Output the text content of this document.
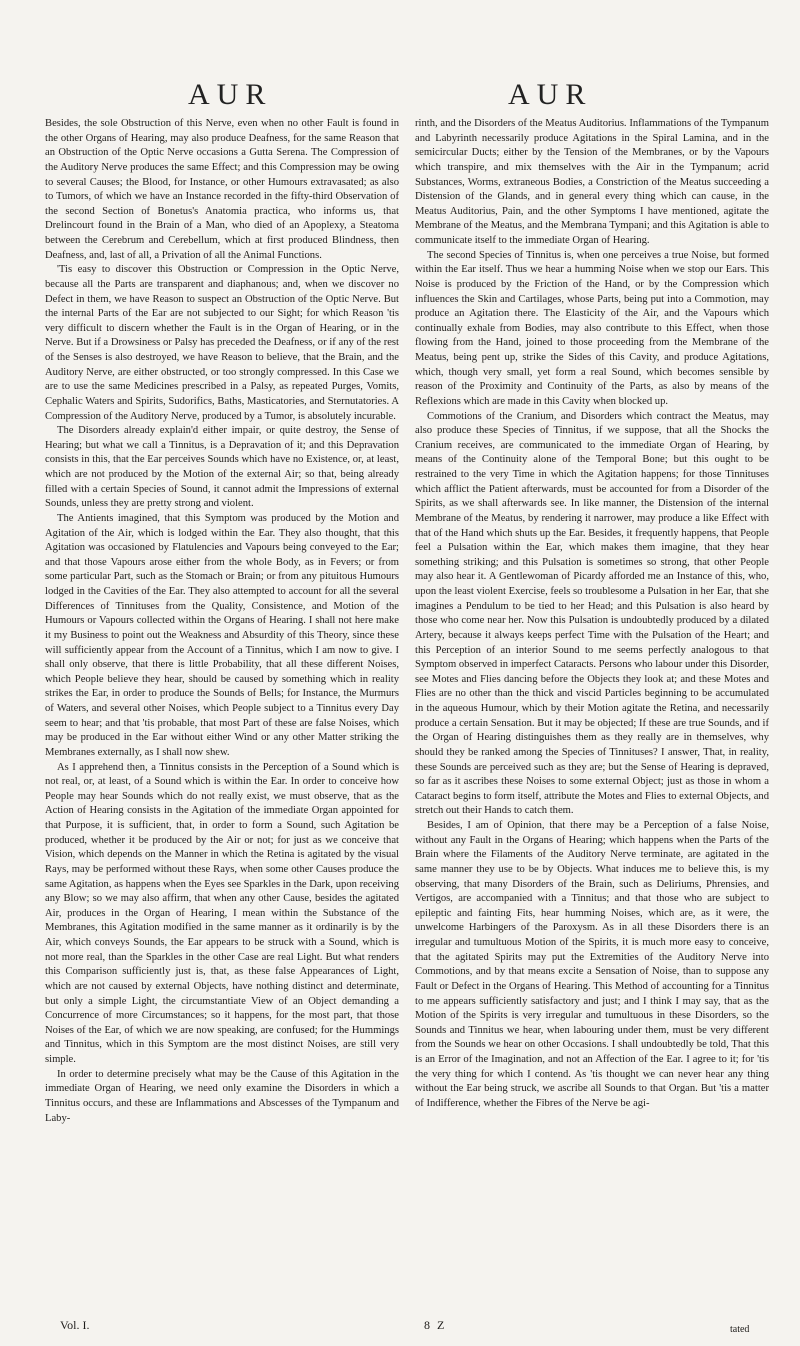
AUR	AUR

Besides, the sole Obstruction of this Nerve, even when no other Fault is found in the other Organs of Hearing, may also produce Deafness, for the same Reason that an Obstruction of the Optic Nerve occasions a Gutta Serena. The Compression of the Auditory Nerve produces the same Effect; and this Compression may be owing to several Causes; the Blood, for Instance, or other Humours extravasated; as also to Tumors, of which we have an Instance recorded in the fifty-third Observation of the second Section of Bonetus's Anatomia practica, who informs us, that Drelincourt found in the Brain of a Man, who died of an Apoplexy, a Steatoma between the Cerebrum and Cerebellum, which at first produced Blindness, then Deafness, and, last of all, a Privation of all the Animal Functions.

'Tis easy to discover this Obstruction or Compression in the Optic Nerve, because all the Parts are transparent and diaphanous; and, when we discover no Defect in them, we have Reason to suspect an Obstruction of the Optic Nerve. But the internal Parts of the Ear are not subjected to our Sight; for which Reason 'tis very difficult to discern whether the Fault is in the Organ of Hearing, or in the Nerve. But if a Drowsiness or Palsy has preceded the Deafness, or if any of the rest of the Senses is also destroyed, we have Reason to believe, that the Brain, and the Auditory Nerve, are either obstructed, or too strongly compressed. In this Case we are to use the same Medicines prescribed in a Palsy, as repeated Purges, Vomits, Cephalic Waters and Spirits, Sudorifics, Baths, Masticatories, and Sternutatories. A Compression of the Auditory Nerve, produced by a Tumor, is absolutely incurable.

The Disorders already explain'd either impair, or quite destroy, the Sense of Hearing; but what we call a Tinnitus, is a Depravation of it; and this Depravation consists in this, that the Ear perceives Sounds which have no Existence, or, at least, which are not produced by the Motion of the external Air; so that, being already filled with a certain Species of Sound, it cannot admit the Impressions of external Sounds, unless they are pretty strong and violent.

The Antients imagined, that this Symptom was produced by the Motion and Agitation of the Air, which is lodged within the Ear. They also thought, that this Agitation was occasioned by Flatulencies and Vapours being conveyed to the Ear; and that those Vapours arose either from the whole Body, as in Fevers; or from some particular Part, such as the Stomach or Brain; or from any pituitous Humours lodged in the Cavities of the Ear. They also attempted to account for all the several Differences of Tinnituses from the Quality, Consistence, and Motion of the Humours or Vapours collected within the Organs of Hearing. I shall not here make it my Business to point out the Weakness and Absurdity of this Theory, since these will sufficiently appear from the Account of a Tinnitus, which I am now to give. I shall only observe, that there is little Probability, that all these different Noises, which People believe they hear, should be caused by something which in reality strikes the Ear, in order to produce the Sounds of Bells; for Instance, the Murmurs of Waters, and several other Noises, which People subject to a Tinnitus every Day seem to hear; and that 'tis probable, that most Part of these are false Noises, which may be produced in the Ear without either Wind or any other Matter striking the Membranes externally, as I shall now shew.

As I apprehend then, a Tinnitus consists in the Perception of a Sound which is not real, or, at least, of a Sound which is within the Ear. In order to conceive how People may hear Sounds which do not really exist, we must observe, that as the Action of Hearing consists in the Agitation of the immediate Organ appointed for that Purpose, it is sufficient, that, in order to form a Sound, such Agitation be produced, whether it be produced by the Air or not; for just as we conceive that Vision, which depends on the Manner in which the Retina is agitated by the visual Rays, may be performed without these Rays, when some other Causes produce the same Agitation, as happens when the Eyes see Sparkles in the Dark, upon receiving any Blow; so we may also affirm, that when any other Cause, besides the agitated Air, produces in the Organ of Hearing, I mean within the Substance of the Membranes, this Agitation modified in the same manner as it ordinarily is by the Air, which conveys Sounds, the Ear appears to be struck with a Sound, which is not more real, than the Sparkles in the other Case are real Light. But what renders this Comparison sufficiently just is, that, as these false Appearances of Light, which are not caused by external Objects, have nothing distinct and determinate, but only a simple Light, the circumstantiate View of an Object demanding a Concurrence of more Circumstances; so it happens, for the most part, that those Noises of the Ear, of which we are now speaking, are confused; for the Hummings and Tinnitus, which in this Symptom are the most distinct Noises, are still very simple.

In order to determine precisely what may be the Cause of this Agitation in the immediate Organ of Hearing, we need only examine the Disorders in which a Tinnitus occurs, and these are Inflammations and Abscesses of the Tympanum and Laby-

rinth, and the Disorders of the Meatus Auditorius. Inflammations of the Tympanum and Labyrinth necessarily produce Agitations in the Spiral Lamina, and in the semicircular Ducts; either by the Tension of the Membranes, or by the Vapours which transpire, and mix themselves with the Air in the Tympanum; acrid Substances, Worms, extraneous Bodies, a Constriction of the Meatus succeeding a Distension of the Glands, and in general every thing which can cause, in the Meatus Auditorius, Pain, and the other Symptoms I have mentioned, agitate the Membrane of the Meatus, and the Membrana Tympani; and this Agitation is able to communicate itself to the immediate Organ of Hearing.

The second Species of Tinnitus is, when one perceives a true Noise, but formed within the Ear itself. Thus we hear a humming Noise when we stop our Ears. This Noise is produced by the Friction of the Hand, or by the Compression which influences the Skin and Cartilages, whose Parts, being put into a Commotion, may produce an Agitation there. The Elasticity of the Air, and the Vapours which continually exhale from Bodies, may also contribute to this Effect, when those flowing from the Hand, joined to those proceeding from the Membrane of the Meatus, being pent up, strike the Sides of this Cavity, and produce Agitations, which, though very small, yet form a real Sound, which becomes sensible by reason of the Proximity and Continuity of the Parts, as also by means of the Reflexions which are made in this Cavity when blocked up.

Commotions of the Cranium, and Disorders which contract the Meatus, may also produce these Species of Tinnitus, if we suppose, that all the Shocks the Cranium receives, are communicated to the immediate Organ of Hearing, by means of the Continuity alone of the Temporal Bone; but this ought to be restrained to the very Time in which the Agitation happens; for those Tinnituses which afflict the Patient afterwards, must be accounted for from a Disorder of the Spirits, as we shall afterwards see. In like manner, the Distension of the internal Membrane of the Meatus, by rendering it narrower, may produce a like Effect with that of the Hand which shuts up the Ear. Besides, it frequently happens, that People feel a Pulsation within the Ear, which makes them imagine, that they hear something striking; and this Pulsation is sometimes so strong, that other People may also hear it. A Gentlewoman of Picardy afforded me an Instance of this, who, upon the least violent Exercise, feels so troublesome a Pulsation in her Ear, that she imagines a Pendulum to be tied to her Head; and this Pulsation is also heard by those who come near her. Now this Pulsation is undoubtedly produced by a dilated Artery, because it always keeps perfect Time with the Pulsation of the Heart; and this Perception of an interior Sound to me seems perfectly analogous to that Symptom observed in imperfect Cataracts. Persons who labour under this Disorder, see Motes and Flies dancing before the Objects they look at; and these Motes and Flies are no other than the thick and viscid Particles beginning to be accumulated in the aqueous Humour, which by their Motion agitate the Retina, and necessarily produce a certain Sensation. But it may be objected; If these are true Sounds, and if the Organ of Hearing distinguishes them as they really are in themselves, why should they be ranked among the Species of Tinnituses? I answer, That, in reality, these Sounds are perceived such as they are; but the Sense of Hearing is depraved, so far as it ascribes these Noises to some external Object; just as those in whom a Cataract begins to form itself, attribute the Motes and Flies to external Objects, and stretch out their Hands to catch them.

Besides, I am of Opinion, that there may be a Perception of a false Noise, without any Fault in the Organs of Hearing; which happens when the Parts of the Brain where the Filaments of the Auditory Nerve terminate, are agitated in the same manner they use to be by Objects. What induces me to believe this, is my observing, that many Disorders of the Brain, such as Deliriums, Phrensies, and Vertigos, are accompanied with a Tinnitus; and that those who are subject to epileptic and fainting Fits, hear humming Noises, which are, as it were, the unwelcome Harbingers of the Paroxysm. As in all these Disorders there is an irregular and tumultuous Motion of the Spirits, it is much more easy to conceive, that the agitated Spirits may put the Extremities of the Auditory Nerve into Commotions, and by that means excite a Sensation of Noise, than to suppose any Fault or Defect in the Organs of Hearing. This Method of accounting for a Tinnitus to me appears sufficiently satisfactory and just; and I think I may say, that as the Motion of the Spirits is very irregular and tumultuous in these Disorders, so the Sounds and Tinnitus we hear, when labouring under them, must be very different from the Sounds we hear on other Occasions. I shall undoubtedly be told, That this is an Error of the Imagination, and not an Affection of the Ear. I agree to it; for 'tis the very thing for which I contend. As 'tis thought we can never hear any thing without the Ear being struck, we ascribe all Sounds to that Organ. But 'tis a matter of Indifference, whether the Fibres of the Nerve be agi-

Vol. I.	8 Z	tated
